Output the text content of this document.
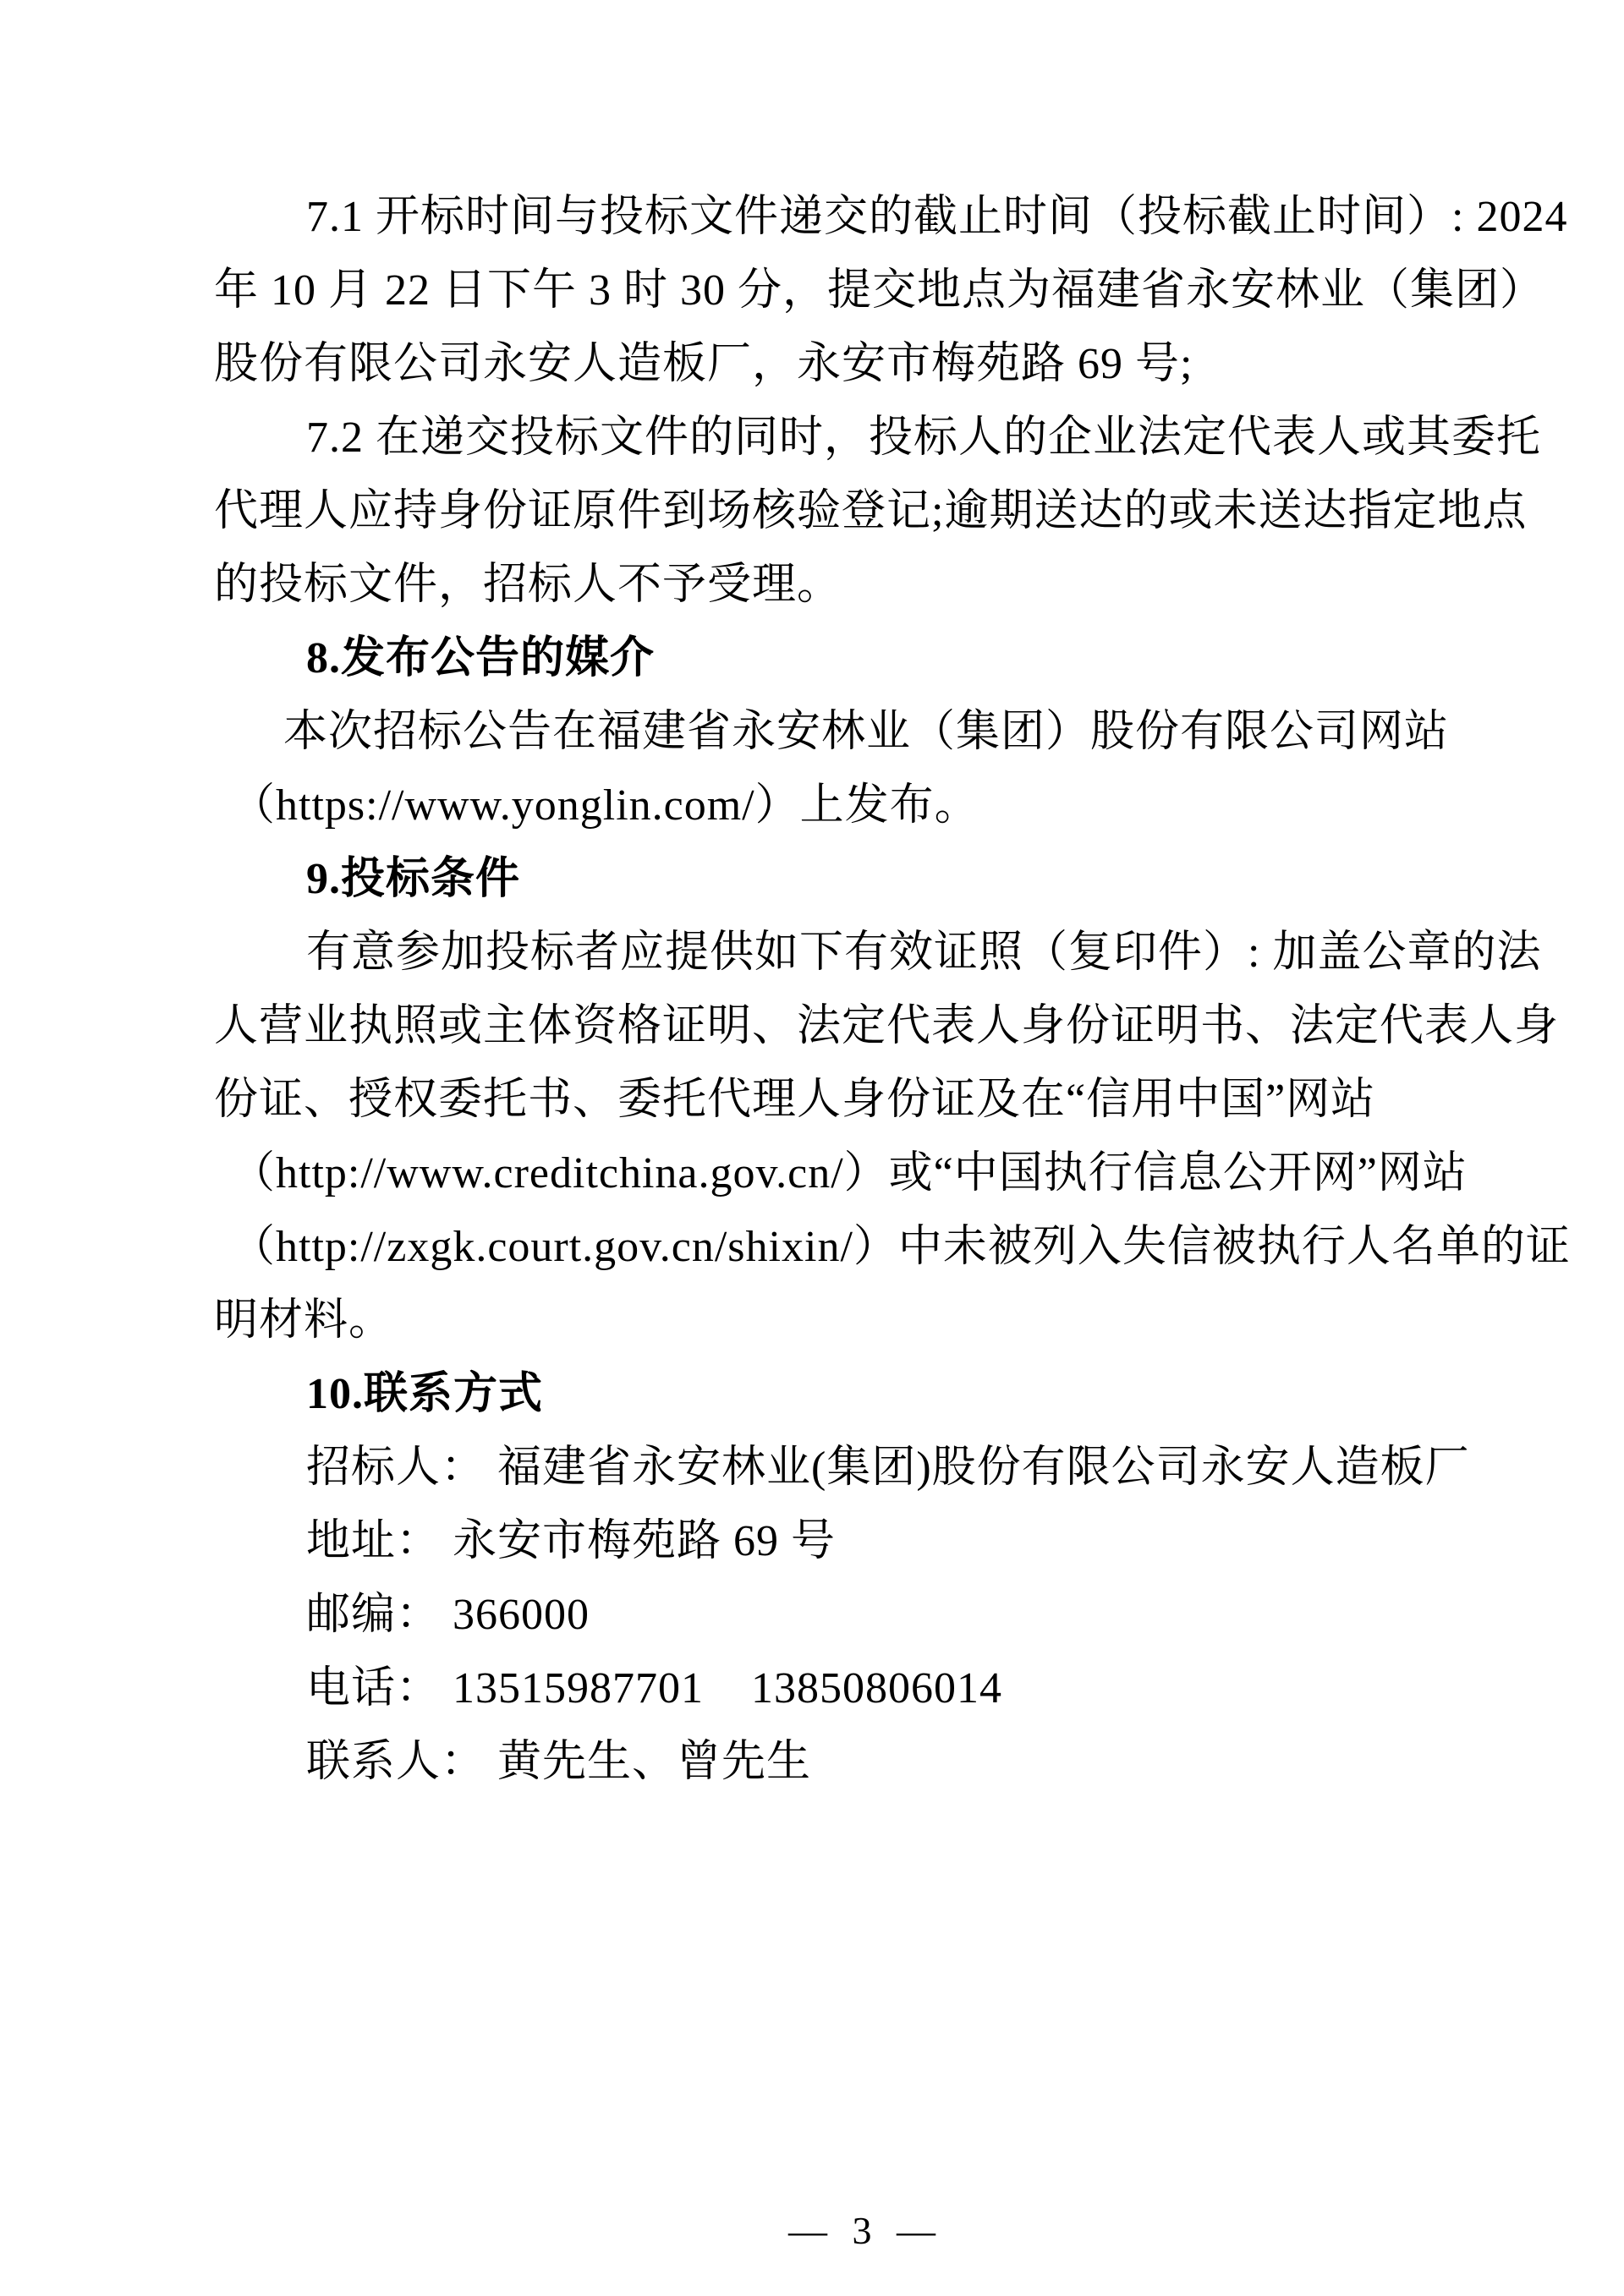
7.1 开标时间与投标文件递交的截止时间（投标截止时间）: 2024
年 10 月 22 日下午 3 时 30 分，提交地点为福建省永安林业（集团）
股份有限公司永安人造板厂，永安市梅苑路 69 号;
7.2 在递交投标文件的同时，投标人的企业法定代表人或其委托
代理人应持身份证原件到场核验登记;逾期送达的或未送达指定地点
的投标文件，招标人不予受理。
8.发布公告的媒介
本次招标公告在福建省永安林业（集团）股份有限公司网站
（https://www.yonglin.com/）上发布。
9.投标条件
有意参加投标者应提供如下有效证照（复印件）: 加盖公章的法
人营业执照或主体资格证明、法定代表人身份证明书、法定代表人身
份证、授权委托书、委托代理人身份证及在“信用中国”网站
（http://www.creditchina.gov.cn/）或“中国执行信息公开网”网站
（http://zxgk.court.gov.cn/shixin/）中未被列入失信被执行人名单的证
明材料。
10.联系方式
招标人： 福建省永安林业(集团)股份有限公司永安人造板厂
地址： 永安市梅苑路 69 号
邮编： 366000
电话： 13515987701    13850806014
联系人： 黄先生、曾先生

— 3 —
